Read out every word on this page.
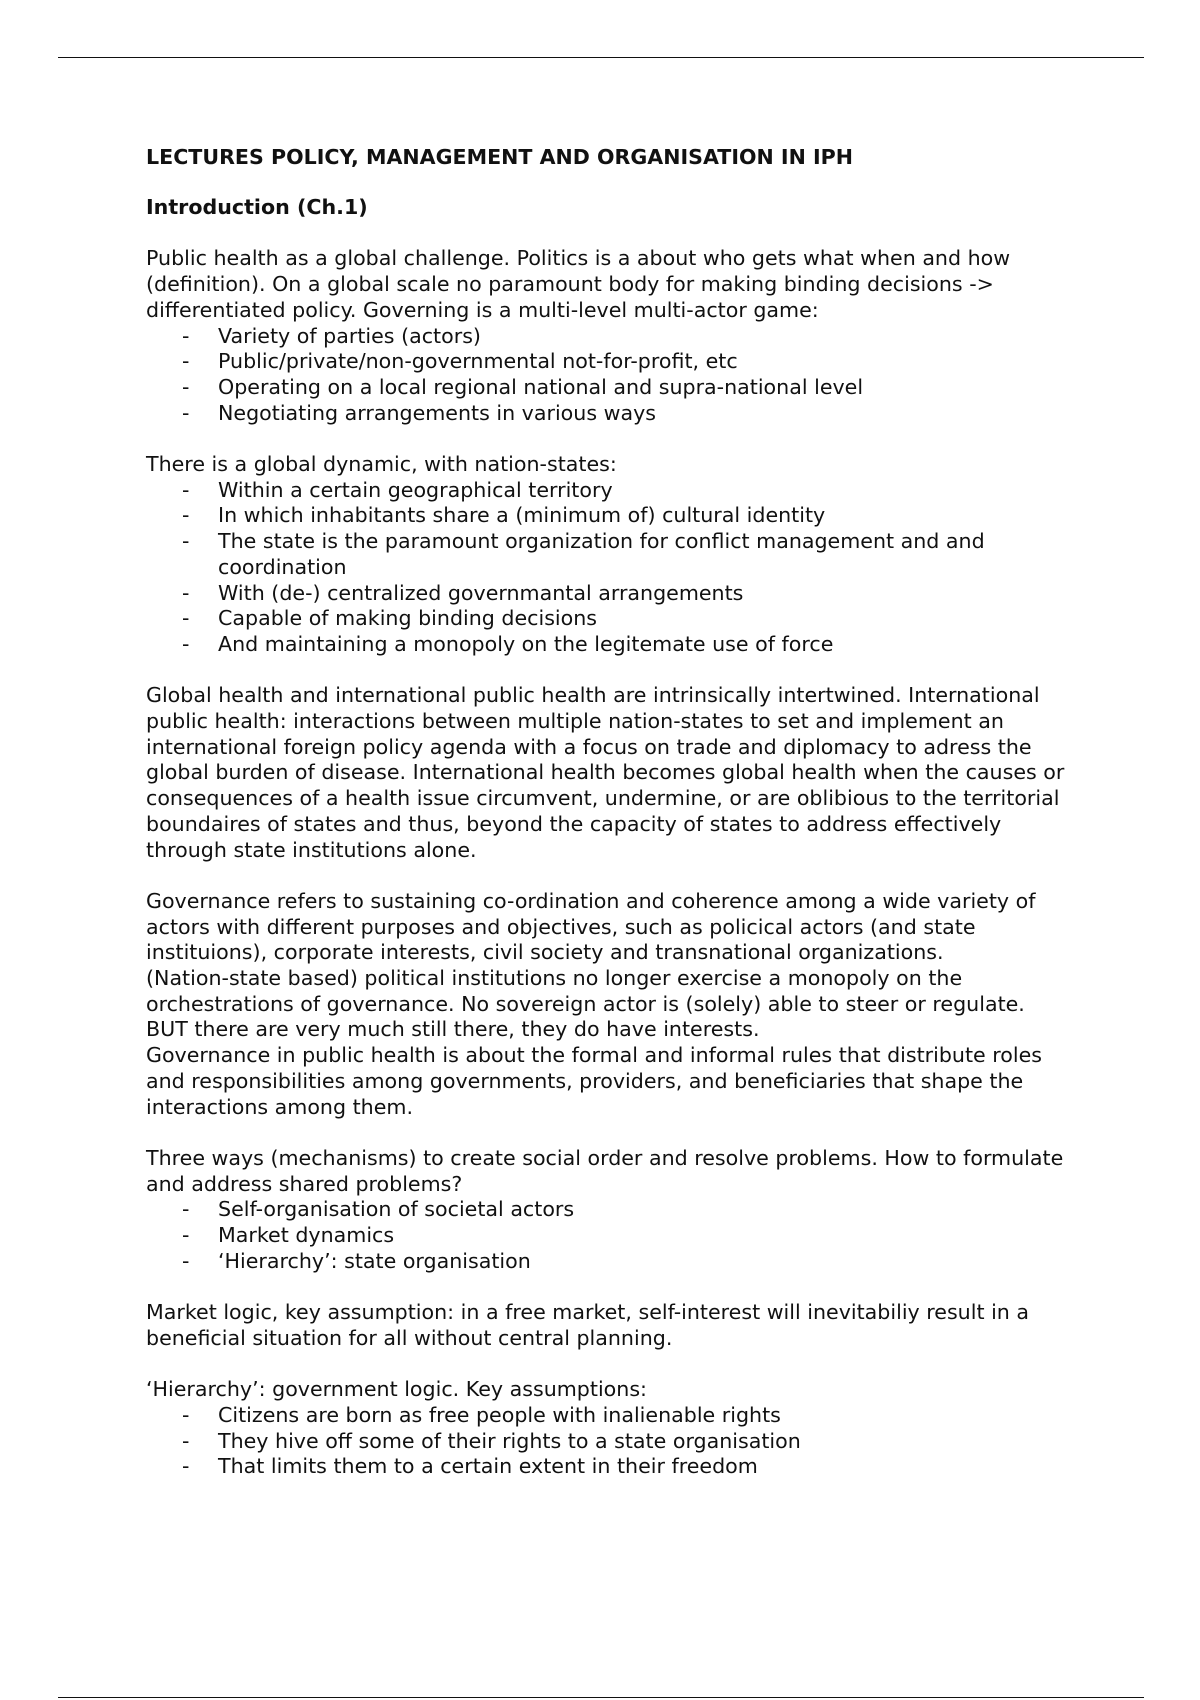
LECTURES POLICY, MANAGEMENT AND ORGANISATION IN IPH

Introduction (Ch.1)

Public health as a global challenge. Politics is a about who gets what when and how (definition). On a global scale no paramount body for making binding decisions -> differentiated policy. Governing is a multi-level multi-actor game:

- Variety of parties (actors)
- Public/private/non-governmental not-for-profit, etc
- Operating on a local regional national and supra-national level
- Negotiating arrangements in various ways

There is a global dynamic, with nation-states:

- Within a certain geographical territory
- In which inhabitants share a (minimum of) cultural identity
- The state is the paramount organization for conflict management and and coordination
- With (de-) centralized governmantal arrangements
- Capable of making binding decisions
- And maintaining a monopoly on the legitemate use of force

Global health and international public health are intrinsically intertwined. International public health: interactions between multiple nation-states to set and implement an international foreign policy agenda with a focus on trade and diplomacy to adress the global burden of disease. International health becomes global health when the causes or consequences of a health issue circumvent, undermine, or are oblibious to the territorial boundaires of states and thus, beyond the capacity of states to address effectively through state institutions alone.

Governance refers to sustaining co-ordination and coherence among a wide variety of actors with different purposes and objectives, such as policical actors (and state instituions), corporate interests, civil society and transnational organizations.

(Nation-state based) political institutions no longer exercise a monopoly on the orchestrations of governance. No sovereign actor is (solely) able to steer or regulate. BUT there are very much still there, they do have interests.

Governance in public health is about the formal and informal rules that distribute roles and responsibilities among governments, providers, and beneficiaries that shape the interactions among them.

Three ways (mechanisms) to create social order and resolve problems. How to formulate and address shared problems?

- Self-organisation of societal actors
- Market dynamics
- ‘Hierarchy’: state organisation

Market logic, key assumption: in a free market, self-interest will inevitabiliy result in a beneficial situation for all without central planning.

‘Hierarchy’: government logic. Key assumptions:

- Citizens are born as free people with inalienable rights
- They hive off some of their rights to a state organisation
- That limits them to a certain extent in their freedom
